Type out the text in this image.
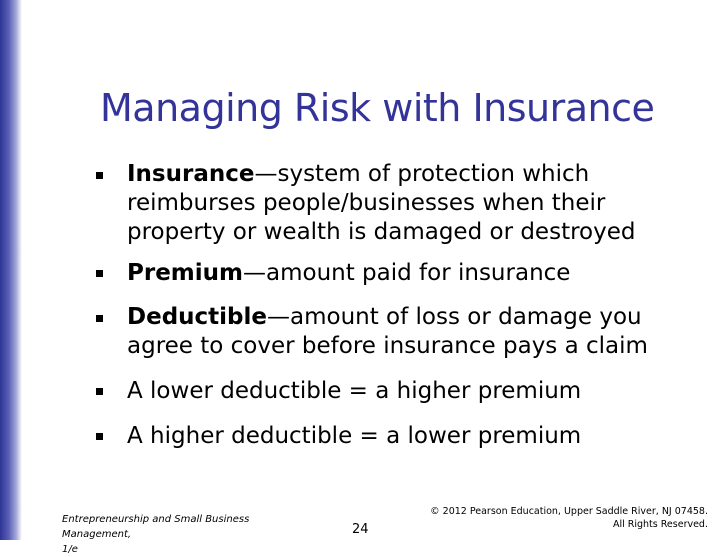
Managing Risk with Insurance
Insurance—system of protection which reimburses people/businesses when their property or wealth is damaged or destroyed
Premium—amount paid for insurance
Deductible—amount of loss or damage you agree to cover before insurance pays a claim
A lower deductible = a higher premium
A higher deductible = a lower premium
Entrepreneurship and Small Business Management,
1/e
24
© 2012 Pearson Education, Upper Saddle River, NJ 07458.
All Rights Reserved.
